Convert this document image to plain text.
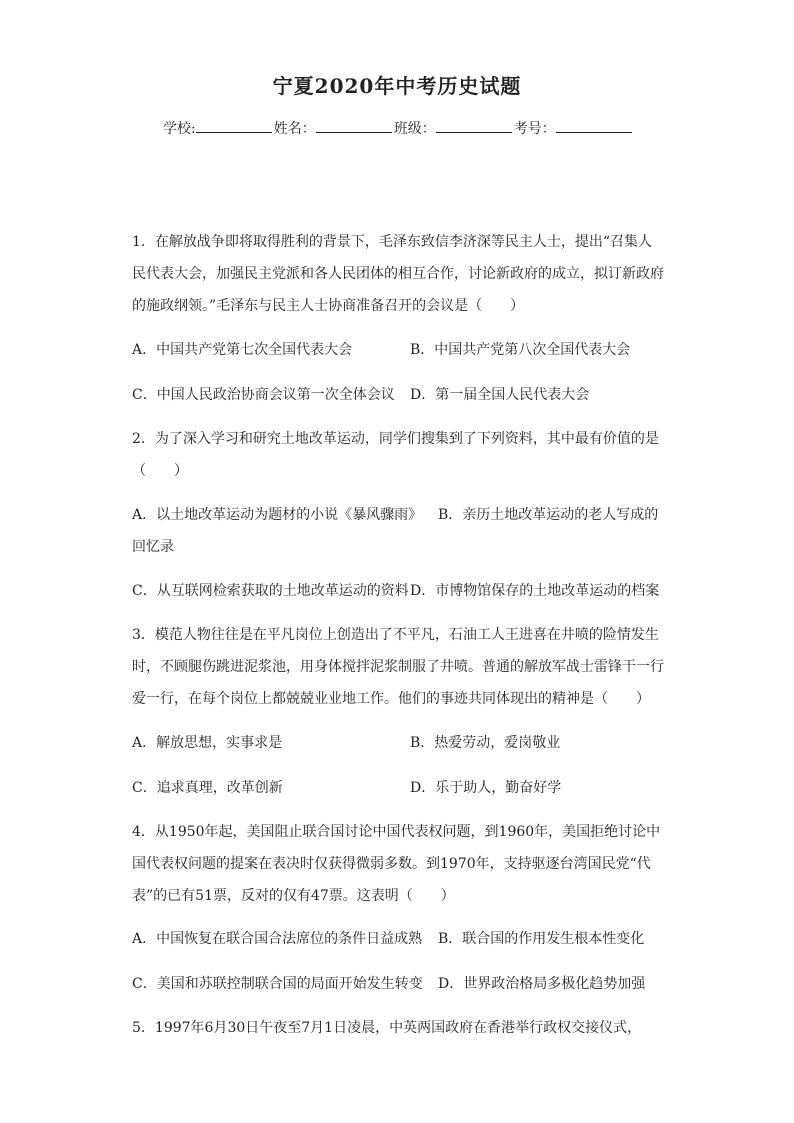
宁夏2020年中考历史试题
学校:	姓名：	班级：	考号：
1．在解放战争即将取得胜利的背景下，毛泽东致信李济深等民主人士，提出“召集人
民代表大会，加强民主党派和各人民团体的相互合作，讨论新政府的成立，拟订新政府
的施政纲领。”毛泽东与民主人士协商准备召开的会议是（　　）
A．中国共产党第七次全国代表大会	B．中国共产党第八次全国代表大会
C．中国人民政治协商会议第一次全体会议 D．第一届全国人民代表大会
2．为了深入学习和研究土地改革运动，同学们搜集到了下列资料，其中最有价值的是
（　　）
A．以土地改革运动为题材的小说《暴风骤雨》 B．亲历土地改革运动的老人写成的
回忆录
C．从互联网检索获取的土地改革运动的资料 D．市博物馆保存的土地改革运动的档案
3．模范人物往往是在平凡岗位上创造出了不平凡，石油工人王进喜在井喷的险情发生
时，不顾腿伤跳进泥浆池，用身体搅拌泥浆制服了井喷。普通的解放军战士雷锋干一行
爱一行，在每个岗位上都兢兢业业地工作。他们的事迹共同体现出的精神是（　　）
A．解放思想，实事求是	B．热爱劳动，爱岗敬业
C．追求真理，改革创新	D．乐于助人，勤奋好学
4．从1950年起，美国阻止联合国讨论中国代表权问题，到1960年，美国拒绝讨论中
国代表权问题的提案在表决时仅获得微弱多数。到1970年，支持驱逐台湾国民党“代
表”的已有51票，反对的仅有47票。这表明（　　）
A．中国恢复在联合国合法席位的条件日益成熟 B．联合国的作用发生根本性变化
C．美国和苏联控制联合国的局面开始发生转变 D．世界政治格局多极化趋势加强
5．1997年6月30日午夜至7月1日凌晨，中英两国政府在香港举行政权交接仪式，
